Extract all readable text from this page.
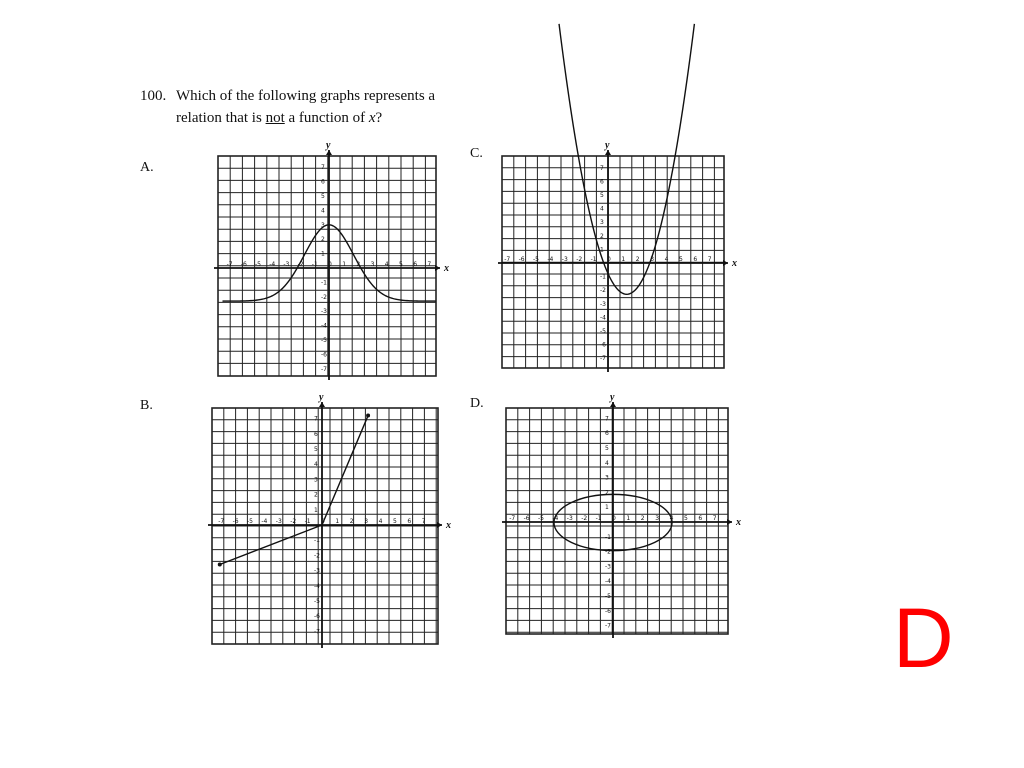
100. Which of the following graphs represents a
relation that is not a function of x?
A.
B.
C.
D.
x
y
-7 -6 -5 -4 -3 -2 -1 0 1 2 3 4 5 6 7
7
6
5
4
3
2
1
-1
-2
-3
-4
-5
-6
-7
x
y
-7 -6 -5 -4 -3 -2 -1 0 1 2 3 4 5 6 7
7
6
5
4
3
2
1
-1
-2
-3
-4
-5
-6
-7
x
y
-7 -6 -5 -4 -3 -2 -1 0 1 2 3 4 5 6 7
7
6
5
4
3
2
1
-1
-2
-3
-4
-5
-6
-7
x
y
-7 -6 -5 -4 -3 -2 -1 0 1 2 3 4 5 6 7
7
6
5
4
3
2
1
-1
-2
-3
-4
-5
-6
-7	D
